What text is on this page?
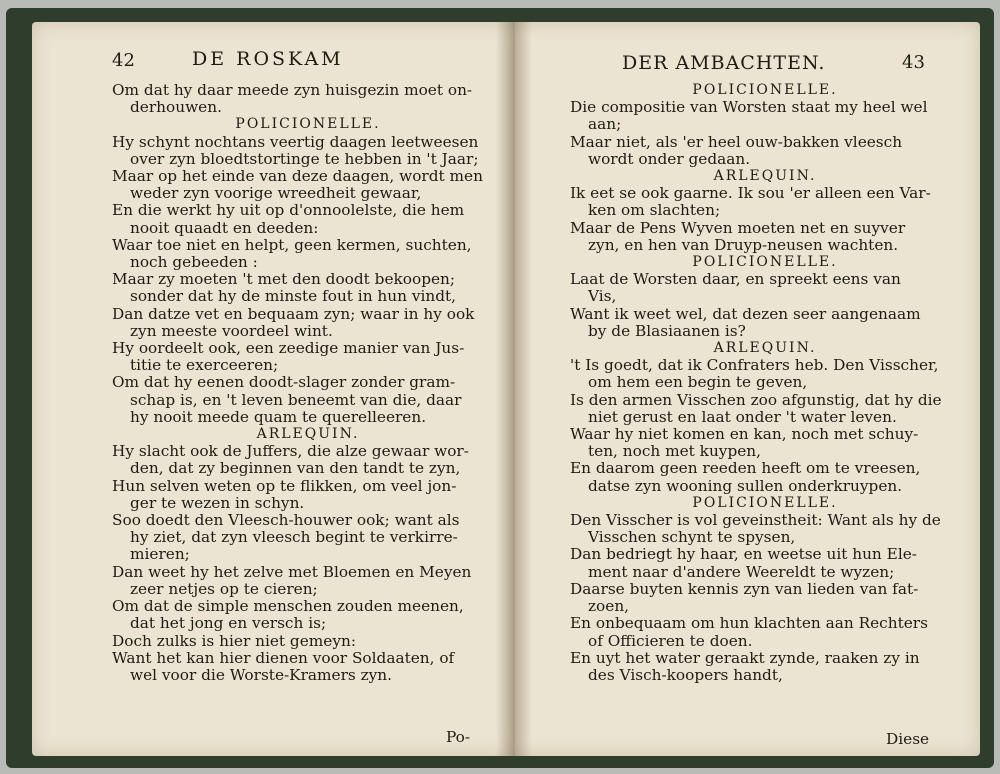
42	DE ROSKAM
Om dat hy daar meede zyn huisgezin moet on-
derhouwen.
POLICIONELLE.
Hy schynt nochtans veertig daagen leetweesen
over zyn bloedtstortinge te hebben in 't Jaar;
Maar op het einde van deze daagen, wordt men
weder zyn voorige wreedheit gewaar,
En die werkt hy uit op d'onnoolelste, die hem
nooit quaadt en deeden:
Waar toe niet en helpt, geen kermen, suchten,
noch gebeeden :
Maar zy moeten 't met den doodt bekoopen;
sonder dat hy de minste fout in hun vindt,
Dan datze vet en bequaam zyn; waar in hy ook
zyn meeste voordeel wint.
Hy oordeelt ook, een zeedige manier van Jus-
titie te exerceeren;
Om dat hy eenen doodt-slager zonder gram-
schap is, en 't leven beneemt van die, daar
hy nooit meede quam te querelleeren.
ARLEQUIN.
Hy slacht ook de Juffers, die alze gewaar wor-
den, dat zy beginnen van den tandt te zyn,
Hun selven weten op te flikken, om veel jon-
ger te wezen in schyn.
Soo doedt den Vleesch-houwer ook; want als
hy ziet, dat zyn vleesch begint te verkirre-
mieren;
Dan weet hy het zelve met Bloemen en Meyen
zeer netjes op te cieren;
Om dat de simple menschen zouden meenen,
dat het jong en versch is;
Doch zulks is hier niet gemeyn:
Want het kan hier dienen voor Soldaaten, of
wel voor die Worste-Kramers zyn.
Po-
DER AMBACHTEN.	43
POLICIONELLE.
Die compositie van Worsten staat my heel wel
aan;
Maar niet, als 'er heel ouw-bakken vleesch
wordt onder gedaan.
ARLEQUIN.
Ik eet se ook gaarne. Ik sou 'er alleen een Var-
ken om slachten;
Maar de Pens Wyven moeten net en suyver
zyn, en hen van Druyp-neusen wachten.
POLICIONELLE.
Laat de Worsten daar, en spreekt eens van
Vis,
Want ik weet wel, dat dezen seer aangenaam
by de Blasiaanen is?
ARLEQUIN.
't Is goedt, dat ik Confraters heb. Den Visscher,
om hem een begin te geven,
Is den armen Visschen zoo afgunstig, dat hy die
niet gerust en laat onder 't water leven.
Waar hy niet komen en kan, noch met schuy-
ten, noch met kuypen,
En daarom geen reeden heeft om te vreesen,
datse zyn wooning sullen onderkruypen.
POLICIONELLE.
Den Visscher is vol geveinstheit: Want als hy de
Visschen schynt te spysen,
Dan bedriegt hy haar, en weetse uit hun Ele-
ment naar d'andere Weereldt te wyzen;
Daarse buyten kennis zyn van lieden van fat-
zoen,
En onbequaam om hun klachten aan Rechters
of Officieren te doen.
En uyt het water geraakt zynde, raaken zy in
des Visch-koopers handt,
Diese
